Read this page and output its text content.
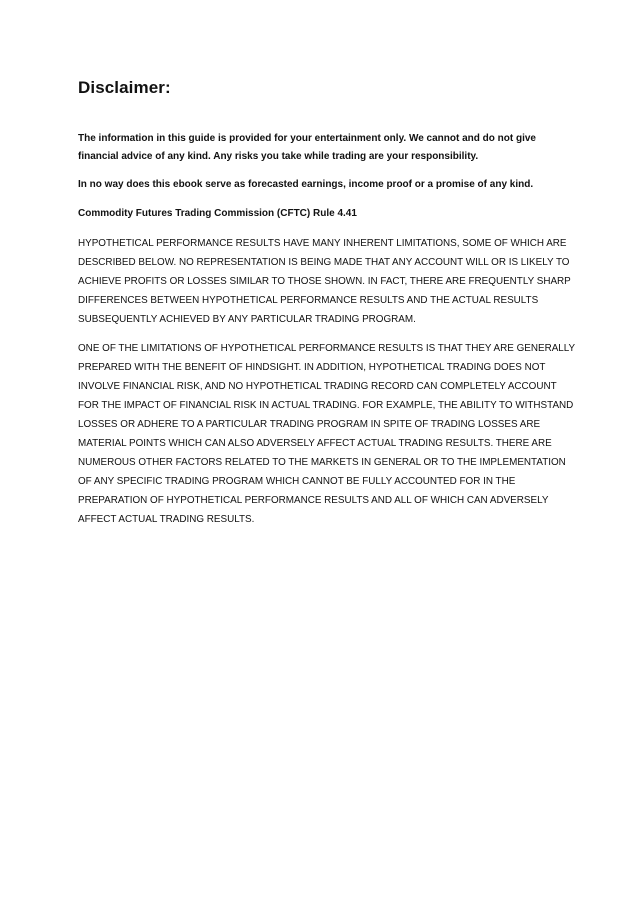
Disclaimer:

The information in this guide is provided for your entertainment only. We cannot and do not give financial advice of any kind. Any risks you take while trading are your responsibility.

In no way does this ebook serve as forecasted earnings, income proof or a promise of any kind.

Commodity Futures Trading Commission (CFTC) Rule 4.41

HYPOTHETICAL PERFORMANCE RESULTS HAVE MANY INHERENT LIMITATIONS, SOME OF WHICH ARE DESCRIBED BELOW. NO REPRESENTATION IS BEING MADE THAT ANY ACCOUNT WILL OR IS LIKELY TO ACHIEVE PROFITS OR LOSSES SIMILAR TO THOSE SHOWN. IN FACT, THERE ARE FREQUENTLY SHARP DIFFERENCES BETWEEN HYPOTHETICAL PERFORMANCE RESULTS AND THE ACTUAL RESULTS SUBSEQUENTLY ACHIEVED BY ANY PARTICULAR TRADING PROGRAM.

ONE OF THE LIMITATIONS OF HYPOTHETICAL PERFORMANCE RESULTS IS THAT THEY ARE GENERALLY PREPARED WITH THE BENEFIT OF HINDSIGHT. IN ADDITION, HYPOTHETICAL TRADING DOES NOT INVOLVE FINANCIAL RISK, AND NO HYPOTHETICAL TRADING RECORD CAN COMPLETELY ACCOUNT FOR THE IMPACT OF FINANCIAL RISK IN ACTUAL TRADING. FOR EXAMPLE, THE ABILITY TO WITHSTAND LOSSES OR ADHERE TO A PARTICULAR TRADING PROGRAM IN SPITE OF TRADING LOSSES ARE MATERIAL POINTS WHICH CAN ALSO ADVERSELY AFFECT ACTUAL TRADING RESULTS. THERE ARE NUMEROUS OTHER FACTORS RELATED TO THE MARKETS IN GENERAL OR TO THE IMPLEMENTATION OF ANY SPECIFIC TRADING PROGRAM WHICH CANNOT BE FULLY ACCOUNTED FOR IN THE PREPARATION OF HYPOTHETICAL PERFORMANCE RESULTS AND ALL OF WHICH CAN ADVERSELY AFFECT ACTUAL TRADING RESULTS.
